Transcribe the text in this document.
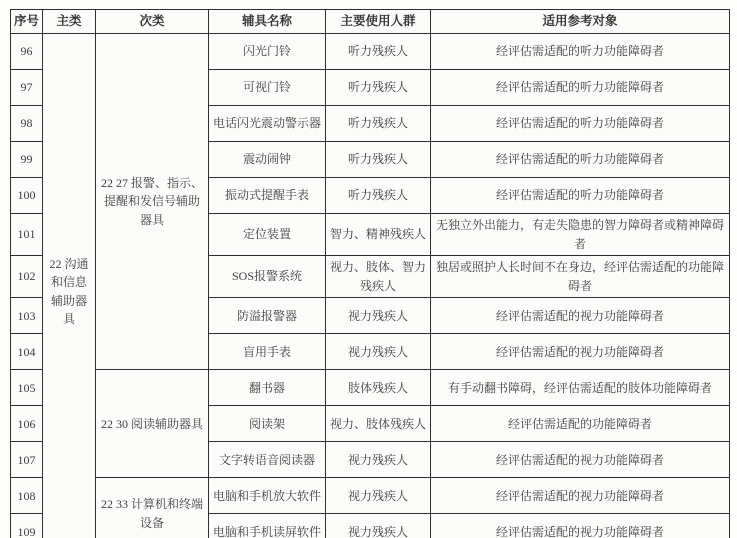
序号	主类	次类	辅具名称	主要使用人群	适用参考对象
96	22 沟通和信息辅助器具	22 27 报警、指示、提醒和发信号辅助器具	闪光门铃	听力残疾人	经评估需适配的听力功能障碍者
97			可视门铃	听力残疾人	经评估需适配的听力功能障碍者
98			电话闪光震动警示器	听力残疾人	经评估需适配的听力功能障碍者
99			震动闹钟	听力残疾人	经评估需适配的听力功能障碍者
100			振动式提醒手表	听力残疾人	经评估需适配的听力功能障碍者
101			定位装置	智力、精神残疾人	无独立外出能力，有走失隐患的智力障碍者或精神障碍者
102			SOS报警系统	视力、肢体、智力残疾人	独居或照护人长时间不在身边，经评估需适配的功能障碍者
103			防溢报警器	视力残疾人	经评估需适配的视力功能障碍者
104			盲用手表	视力残疾人	经评估需适配的视力功能障碍者
105		22 30 阅读辅助器具	翻书器	肢体残疾人	有手动翻书障碍，经评估需适配的肢体功能障碍者
106			阅读架	视力、肢体残疾人	经评估需适配的功能障碍者
107			文字转语音阅读器	视力残疾人	经评估需适配的视力功能障碍者
108		22 33 计算机和终端设备	电脑和手机放大软件	视力残疾人	经评估需适配的视力功能障碍者
109			电脑和手机读屏软件	视力残疾人	经评估需适配的视力功能障碍者
